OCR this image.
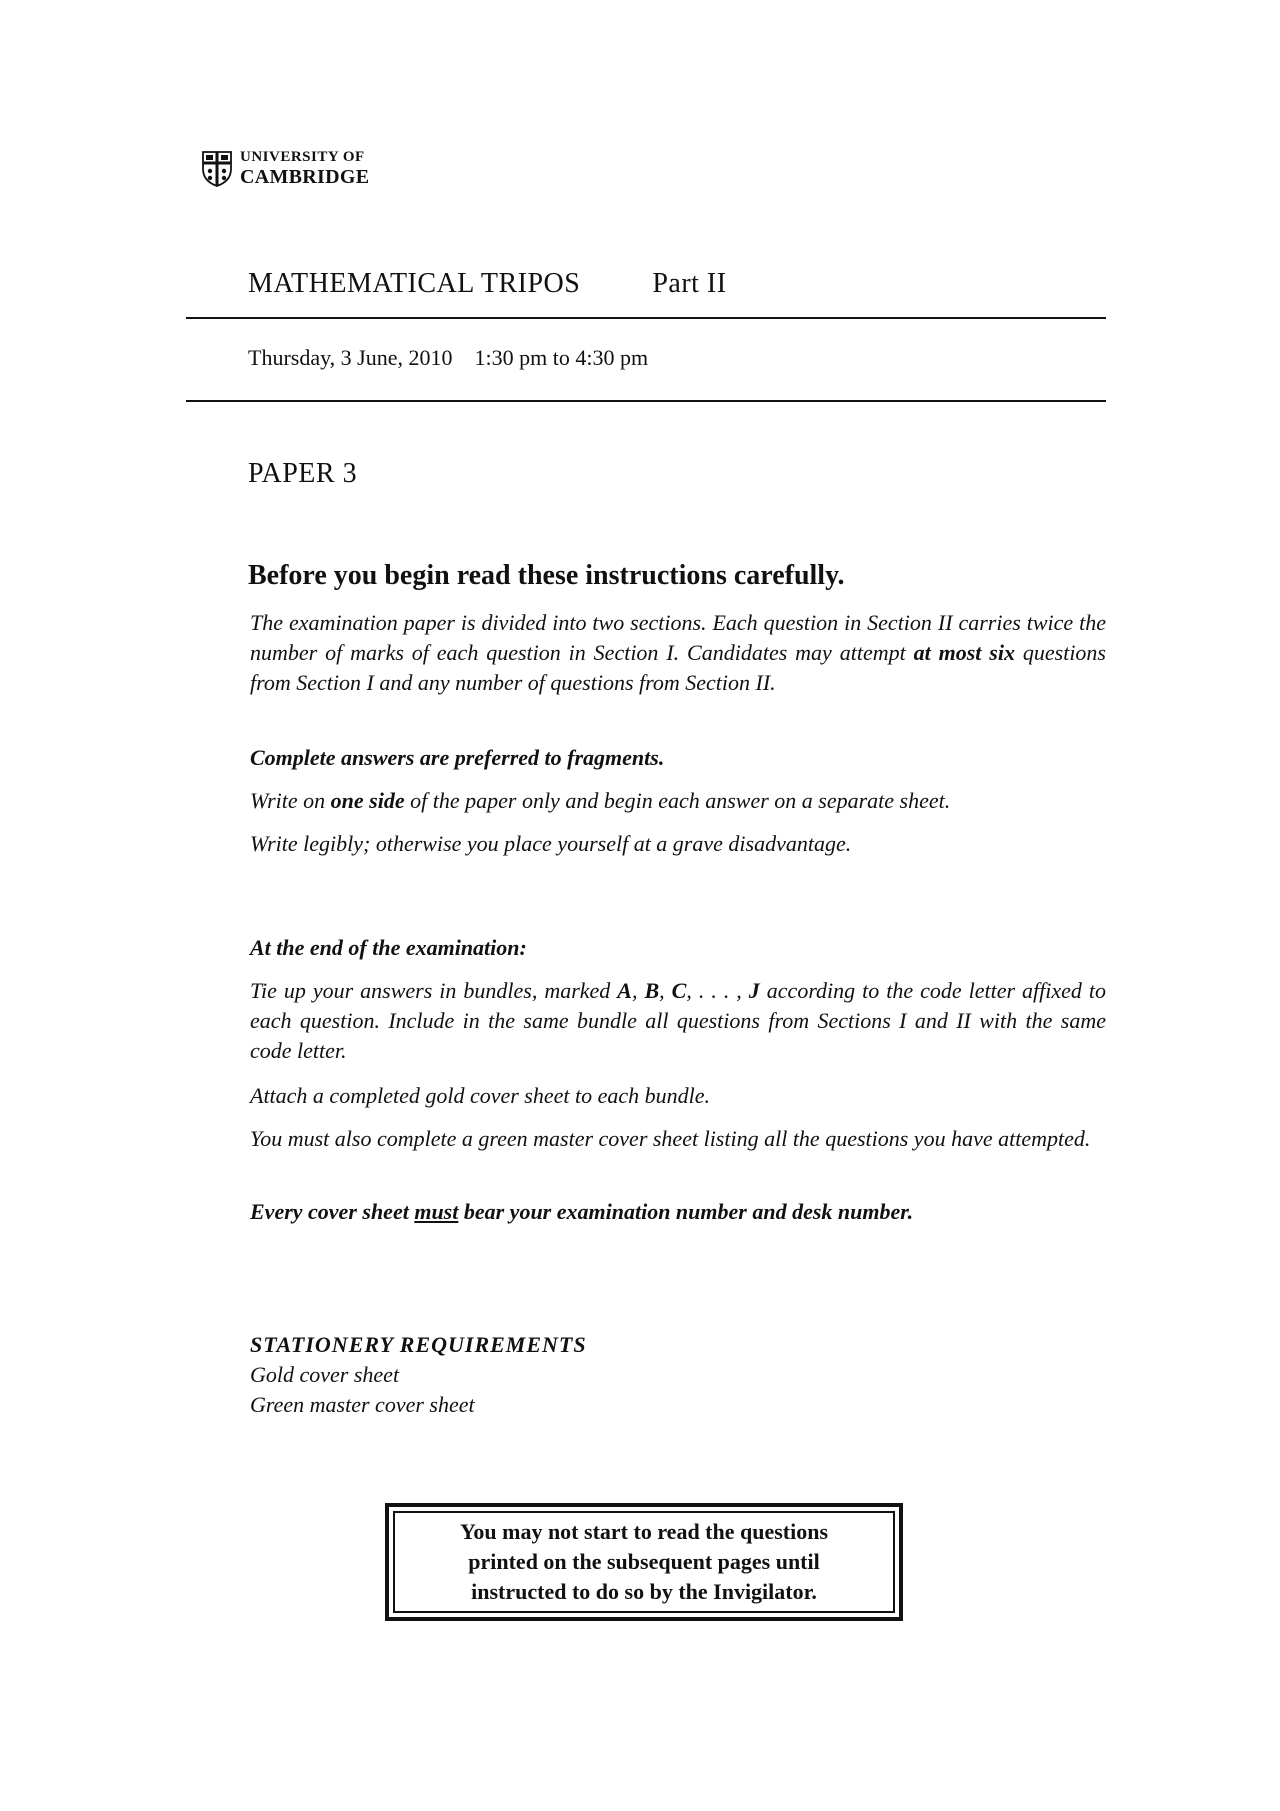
UNIVERSITY OF
CAMBRIDGE
MATHEMATICAL TRIPOS	Part II
Thursday, 3 June, 2010 1:30 pm to 4:30 pm
PAPER 3
Before you begin read these instructions carefully.
The examination paper is divided into two sections. Each question in Section II carries twice the number of marks of each question in Section I. Candidates may attempt at most six questions from Section I and any number of questions from Section II.
Complete answers are preferred to fragments.
Write on one side of the paper only and begin each answer on a separate sheet.
Write legibly; otherwise you place yourself at a grave disadvantage.
At the end of the examination:
Tie up your answers in bundles, marked A, B, C, . . . , J according to the code letter affixed to each question. Include in the same bundle all questions from Sections I and II with the same code letter.
Attach a completed gold cover sheet to each bundle.
You must also complete a green master cover sheet listing all the questions you have attempted.
Every cover sheet must bear your examination number and desk number.
STATIONERY REQUIREMENTS
Gold cover sheet
Green master cover sheet
You may not start to read the questions
printed on the subsequent pages until
instructed to do so by the Invigilator.
